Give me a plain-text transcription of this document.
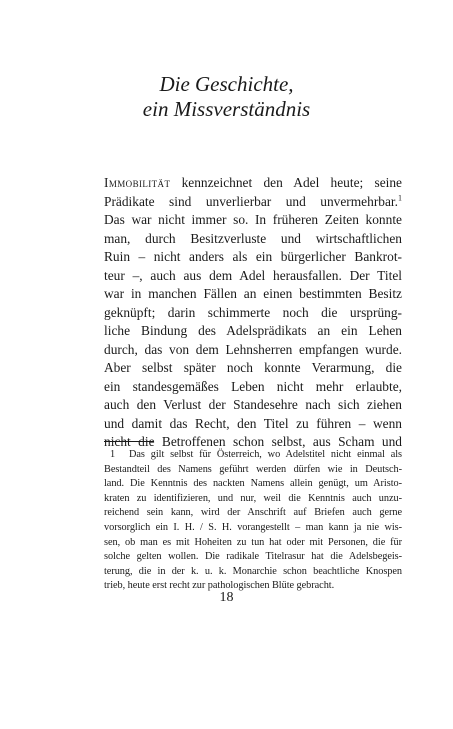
Die Geschichte,
ein Missverständnis
Immobilität kennzeichnet den Adel heute; seine
Prädikate sind unverlierbar und unvermehrbar.$^1$
Das war nicht immer so. In früheren Zeiten konnte
man, durch Besitzverluste und wirtschaftlichen
Ruin – nicht anders als ein bürgerlicher Bankrot-
teur –, auch aus dem Adel herausfallen. Der Titel
war in manchen Fällen an einen bestimmten Besitz
geknüpft; darin schimmerte noch die ursprüng-
liche Bindung des Adelsprädikats an ein Lehen
durch, das von dem Lehnsherren empfangen wurde.
Aber selbst später noch konnte Verarmung, die
ein standesgemäßes Leben nicht mehr erlaubte,
auch den Verlust der Standesehre nach sich ziehen
und damit das Recht, den Titel zu führen – wenn
nicht die Betroffenen schon selbst, aus Scham und
1 Das gilt selbst für Österreich, wo Adelstitel nicht einmal als
Bestandteil des Namens geführt werden dürfen wie in Deutsch-
land. Die Kenntnis des nackten Namens allein genügt, um Aristo-
kraten zu identifizieren, und nur, weil die Kenntnis auch unzu-
reichend sein kann, wird der Anschrift auf Briefen auch gerne
vorsorglich ein I. H. / S. H. vorangestellt – man kann ja nie wis-
sen, ob man es mit Hoheiten zu tun hat oder mit Personen, die für
solche gelten wollen. Die radikale Titelrasur hat die Adelsbegeis-
terung, die in der k. u. k. Monarchie schon beachtliche Knospen
trieb, heute erst recht zur pathologischen Blüte gebracht.
18
